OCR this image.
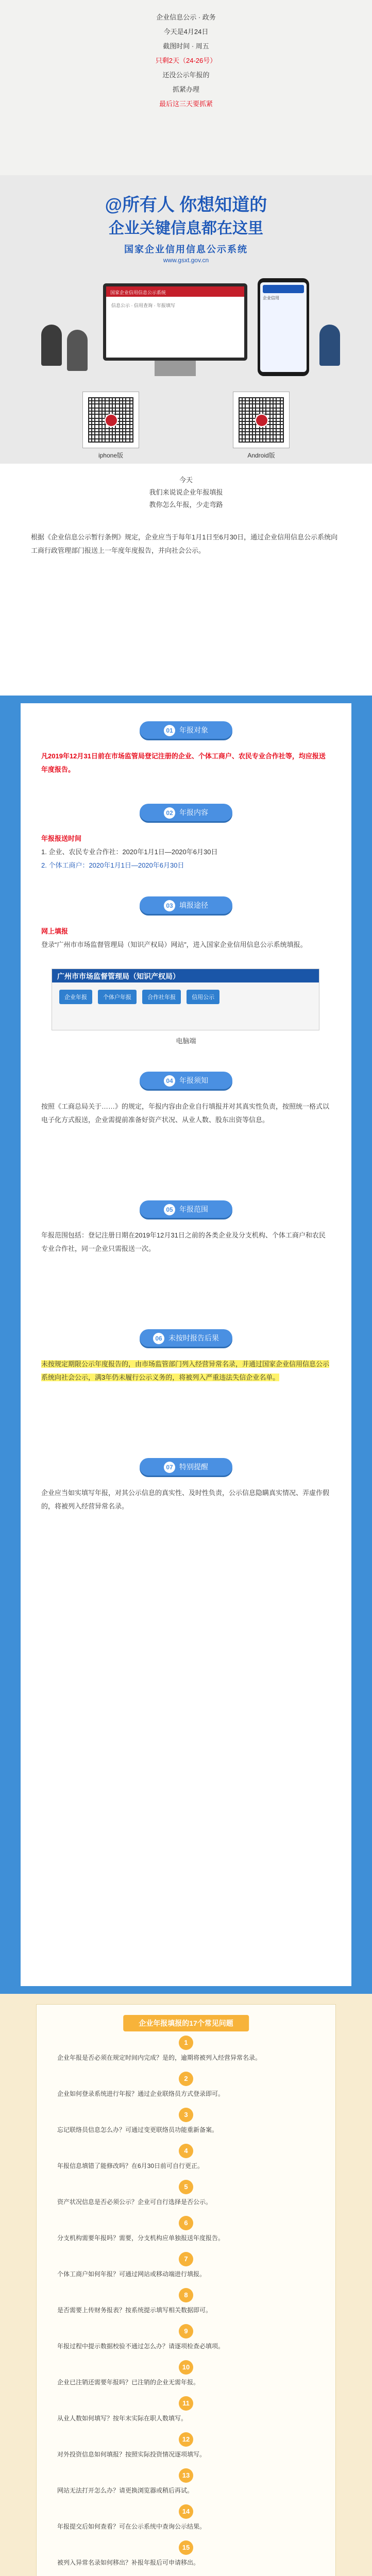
企业信息公示 · 政务
今天是4月24日
截图时间 · 周五
只剩2天（24-26号）
还没公示年报的
抓紧办理
最后这三天要抓紧
@所有人 你想知道的
企业关键信息都在这里
国家企业信用信息公示系统
www.gsxt.gov.cn
国家企业信用信息公示系统
信息公示 · 信用查询 · 年报填写
企业信用
iphone版	Android版
今天
我们来说说企业年报填报
教你怎么年报，少走弯路
根据《企业信息公示暂行条例》规定，企业应当于每年1月1日至6月30日，通过企业信用信息公示系统向工商行政管理部门报送上一年度年度报告，并向社会公示。
01 年报对象
凡2019年12月31日前在市场监管局登记注册的企业、个体工商户、农民专业合作社等，均应报送年度报告。
02 年报内容
年报报送时间
1. 企业、农民专业合作社：2020年1月1日—2020年6月30日
2. 个体工商户：2020年1月1日—2020年6月30日
03 填报途径
网上填报
登录“广州市市场监督管理局（知识产权局）网站”，进入国家企业信用信息公示系统填报。
广州市市场监督管理局（知识产权局）
企业年报	个体户年报	合作社年报	信用公示
电脑端
04 年报须知
按照《工商总局关于……》的规定，年报内容由企业自行填报并对其真实性负责，按照统一格式以电子化方式报送，企业需提前准备好资产状况、从业人数、股东出资等信息。
05 年报范围
年报范围包括：登记注册日期在2019年12月31日之前的各类企业及分支机构、个体工商户和农民专业合作社，同一企业只需报送一次。
06 未按时报告后果
未按规定期限公示年度报告的，由市场监管部门列入经营异常名录，并通过国家企业信用信息公示系统向社会公示，满3年仍未履行公示义务的，将被列入严重违法失信企业名单。
07 特别提醒
企业应当如实填写年报，对其公示信息的真实性、及时性负责，公示信息隐瞒真实情况、弄虚作假的，将被列入经营异常名录。
企业年报填报的17个常见问题
1
企业年报是否必须在规定时间内完成？是的，逾期将被列入经营异常名录。
2
企业如何登录系统进行年报？通过企业联络员方式登录即可。
3
忘记联络员信息怎么办？可通过变更联络员功能重新备案。
4
年报信息填错了能修改吗？在6月30日前可自行更正。
5
资产状况信息是否必须公示？企业可自行选择是否公示。
6
分支机构需要年报吗？需要，分支机构应单独报送年度报告。
7
个体工商户如何年报？可通过网站或移动端进行填报。
8
是否需要上传财务报表？按系统提示填写相关数据即可。
9
年报过程中提示数据校验不通过怎么办？请逐项检查必填项。
10
企业已注销还需要年报吗？已注销的企业无需年报。
11
从业人数如何填写？按年末实际在职人数填写。
12
对外投资信息如何填报？按照实际投资情况逐项填写。
13
网站无法打开怎么办？请更换浏览器或稍后再试。
14
年报提交后如何查看？可在公示系统中查询公示结果。
15
被列入异常名录如何移出？补报年报后可申请移出。
